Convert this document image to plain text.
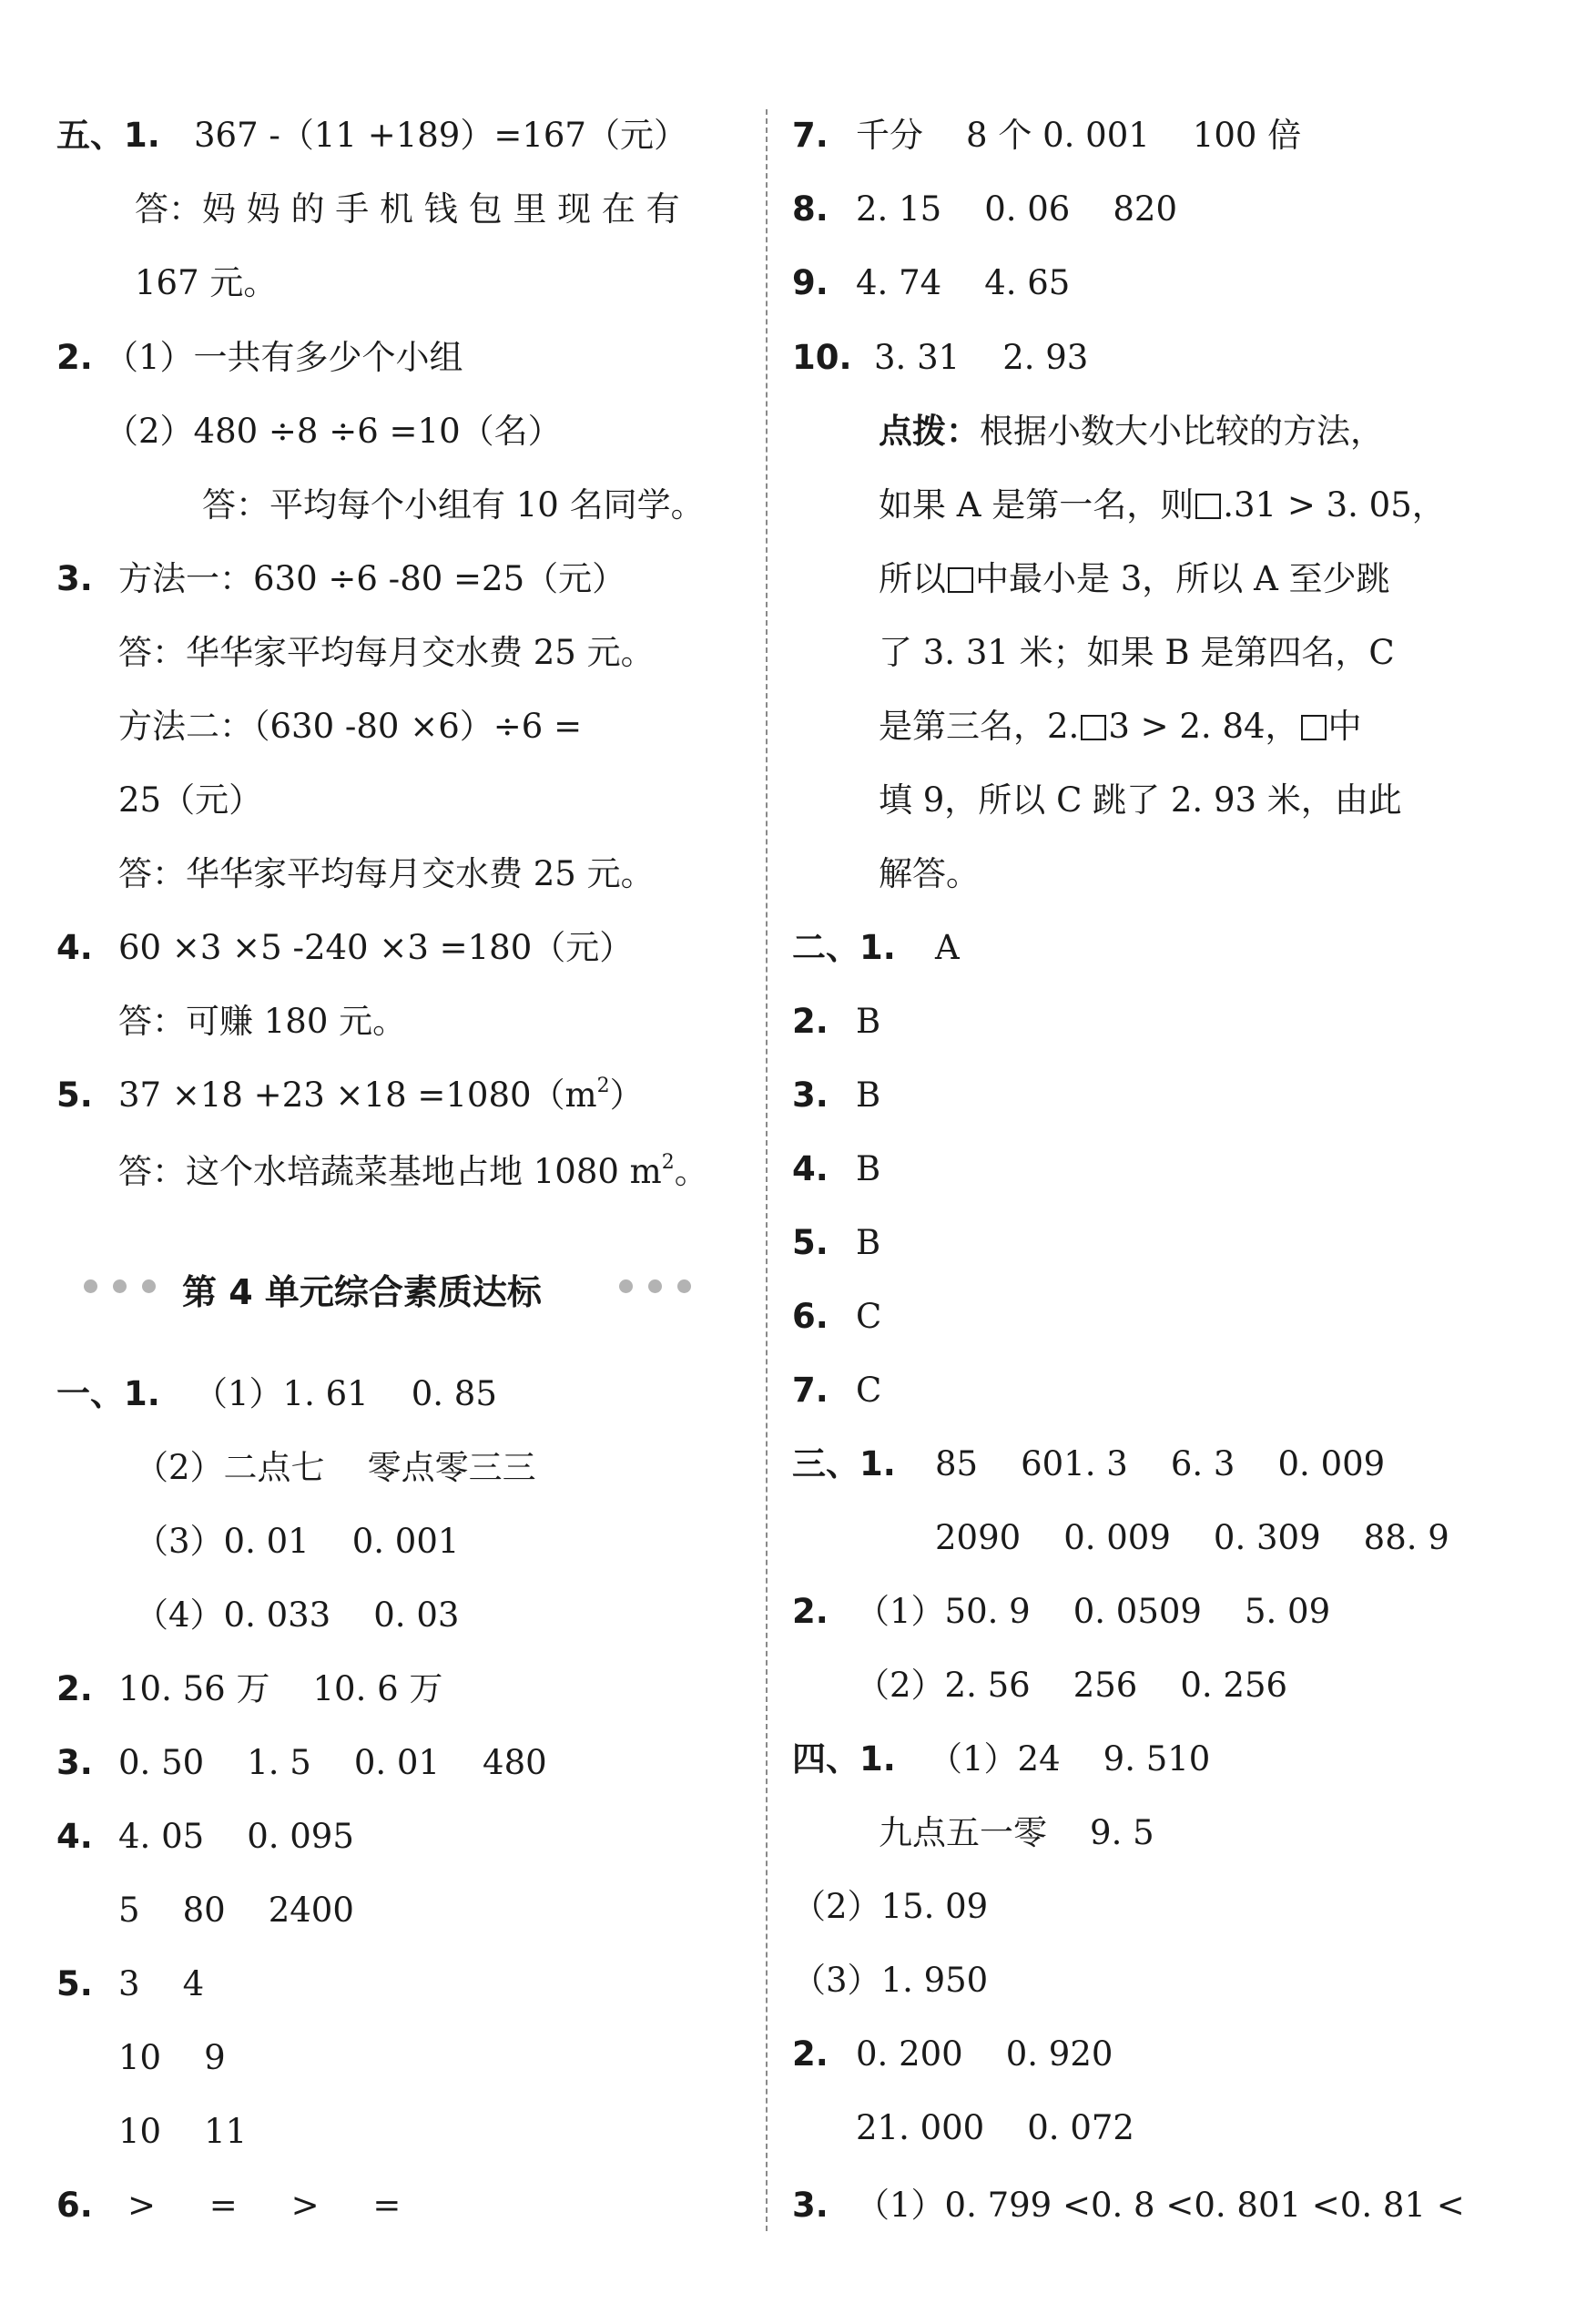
五、1. 367 -（11 +189）=167（元）
答：妈 妈 的 手 机 钱 包 里 现 在 有
167 元。
2. （1）一共有多少个小组
（2）480 ÷8 ÷6 =10（名）
答：平均每个小组有 10 名同学。
3. 方法一：630 ÷6 -80 =25（元）
答：华华家平均每月交水费 25 元。
方法二：（630 -80 ×6）÷6 =
25（元）
答：华华家平均每月交水费 25 元。
4. 60 ×3 ×5 -240 ×3 =180（元）
答：可赚 180 元。
5. $37 \times 18 +23 \times 18 =1080(m^2)$
答：这个水培蔬菜基地占地 1080 $m^2$。
第 4 单元综合素质达标
一、1. （1）1. 61    0. 85
（2）二点七    零点零三三
（3）0. 01    0. 001
（4）0. 033    0. 03
2. 10. 56 万    10. 6 万
3. 0. 50    1. 5    0. 01    480
4. 4. 05    0. 095
5    80    2400
5. 3    4
10    9
10    11
6. >     =     >     =
7. 千分    8 个 0. 001    100 倍
8. 2. 15    0. 06    820
9. 4. 74    4. 65
10. 3. 31    2. 93
点拨：根据小数大小比较的方法，
如果 A 是第一名，则 .31 > 3. 05，
所以 中最小是 3，所以 A 至少跳
了 3. 31 米；如果 B 是第四名，C
是第三名，2. 3 > 2. 84， 中
填 9，所以 C 跳了 2. 93 米，由此
解答。
二、1. A
2. B
3. B
4. B
5. B
6. C
7. C
三、1. 85    601. 3    6. 3    0. 009
2090    0. 009    0. 309    88. 9
2. （1）50. 9    0. 0509    5. 09
（2）2. 56    256    0. 256
四、1. （1）24    9. 510
九点五一零    9. 5
（2）15. 09
（3）1. 950
2. 0. 200    0. 920
21. 000    0. 072
3. （1）0. 799 <0. 8 <0. 801 <0. 81 <
